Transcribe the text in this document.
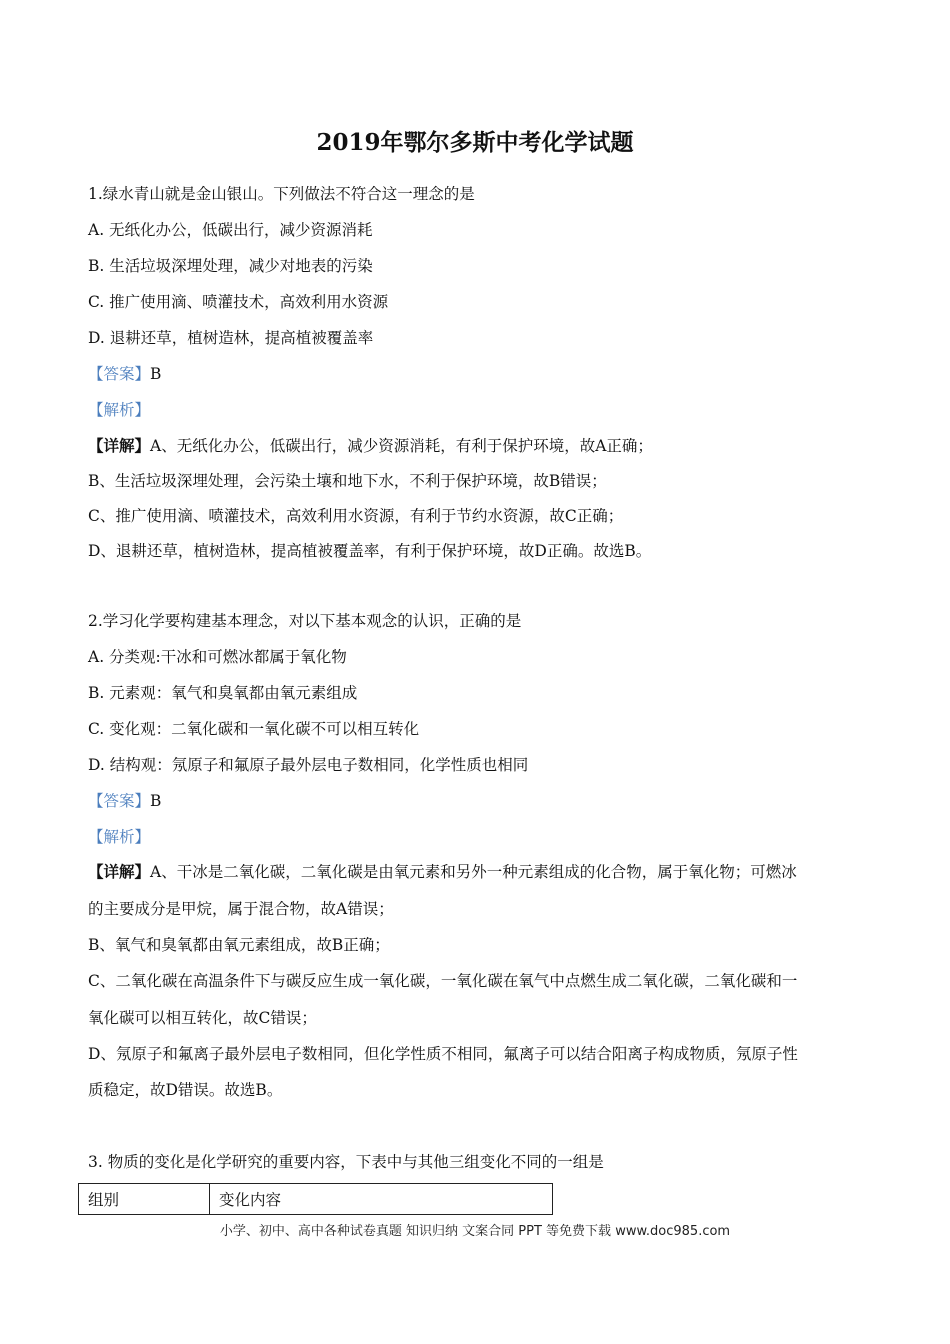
2019年鄂尔多斯中考化学试题
1.绿水青山就是金山银山。下列做法不符合这一理念的是
A. 无纸化办公，低碳出行，减少资源消耗
B. 生活垃圾深埋处理，减少对地表的污染
C. 推广使用滴、喷灌技术，高效利用水资源
D. 退耕还草，植树造林，提高植被覆盖率
【答案】B
【解析】
【详解】A、无纸化办公，低碳出行，减少资源消耗，有利于保护环境，故A正确；
B、生活垃圾深埋处理，会污染土壤和地下水，不利于保护环境，故B错误；
C、推广使用滴、喷灌技术，高效利用水资源，有利于节约水资源，故C正确；
D、退耕还草，植树造林，提高植被覆盖率，有利于保护环境，故D正确。故选B。
2.学习化学要构建基本理念，对以下基本观念的认识，正确的是
A. 分类观:干冰和可燃冰都属于氧化物
B. 元素观：氧气和臭氧都由氧元素组成
C. 变化观：二氧化碳和一氧化碳不可以相互转化
D. 结构观：氖原子和氟原子最外层电子数相同，化学性质也相同
【答案】B
【解析】
【详解】A、干冰是二氧化碳，二氧化碳是由氧元素和另外一种元素组成的化合物，属于氧化物；可燃冰
的主要成分是甲烷，属于混合物，故A错误；
B、氧气和臭氧都由氧元素组成，故B正确；
C、二氧化碳在高温条件下与碳反应生成一氧化碳，一氧化碳在氧气中点燃生成二氧化碳，二氧化碳和一
氧化碳可以相互转化，故C错误；
D、氖原子和氟离子最外层电子数相同，但化学性质不相同，氟离子可以结合阳离子构成物质，氖原子性
质稳定，故D错误。故选B。
3. 物质的变化是化学研究的重要内容，下表中与其他三组变化不同的一组是
组别	变化内容
小学、初中、高中各种试卷真题 知识归纳 文案合同 PPT 等免费下载 www.doc985.com
